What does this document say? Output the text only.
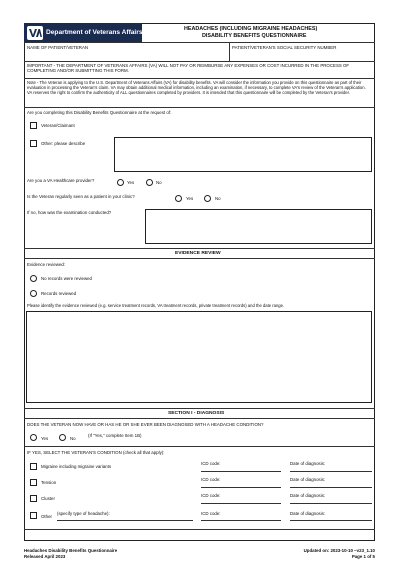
Department of Veterans Affairs	HEADACHES (INCLUDING MIGRAINE HEADACHES)
DISABILITY BENEFITS QUESTIONNAIRE
NAME OF PATIENT/VETERAN	PATIENT/VETERAN'S SOCIAL SECURITY NUMBER
IMPORTANT - THE DEPARTMENT OF VETERANS AFFAIRS (VA) WILL NOT PAY OR REIMBURSE ANY EXPENSES OR COST INCURRED IN THE PROCESS OF COMPLETING AND/OR SUBMITTING THIS FORM.
Note - The Veteran is applying to the U.S. Department of Veterans Affairs (VA) for disability benefits. VA will consider the information you provide on this questionnaire as part of their evaluation in processing the Veteran's claim. VA may obtain additional medical information, including an examination, if necessary, to complete VA's review of the Veteran's application. VA reserves the right to confirm the authenticity of ALL questionnaires completed by providers. It is intended that this questionnaire will be completed by the Veteran's provider.
Are you completing this Disability Benefits Questionnaire at the request of:
Veteran/Claimant
Other: please describe
Are you a VA Healthcare provider?	Yes	No
Is the Veteran regularly seen as a patient in your clinic?	Yes	No
If no, how was the examination conducted?
EVIDENCE REVIEW
Evidence reviewed:
No records were reviewed
Records reviewed
Please identify the evidence reviewed (e.g. service treatment records, VA treatment records, private treatment records) and the date range.
SECTION I - DIAGNOSIS
DOES THE VETERAN NOW HAVE OR HAS HE OR SHE EVER BEEN DIAGNOSED WITH A HEADACHE CONDITION?
Yes	No
(If "Yes," complete Item 1B)
IF YES, SELECT THE VETERAN'S CONDITION (check all that apply):
Migraine including migraine variants
ICD code:	Date of diagnosis:
Tension
ICD code:	Date of diagnosis:
Cluster
ICD code:	Date of diagnosis:
Other
(specify type of headache):	ICD code:	Date of diagnosis:
Headaches Disability Benefits Questionnaire
Released April 2023
Updated on: 2023-10-10 ~v23_1.10
Page 1 of 5
